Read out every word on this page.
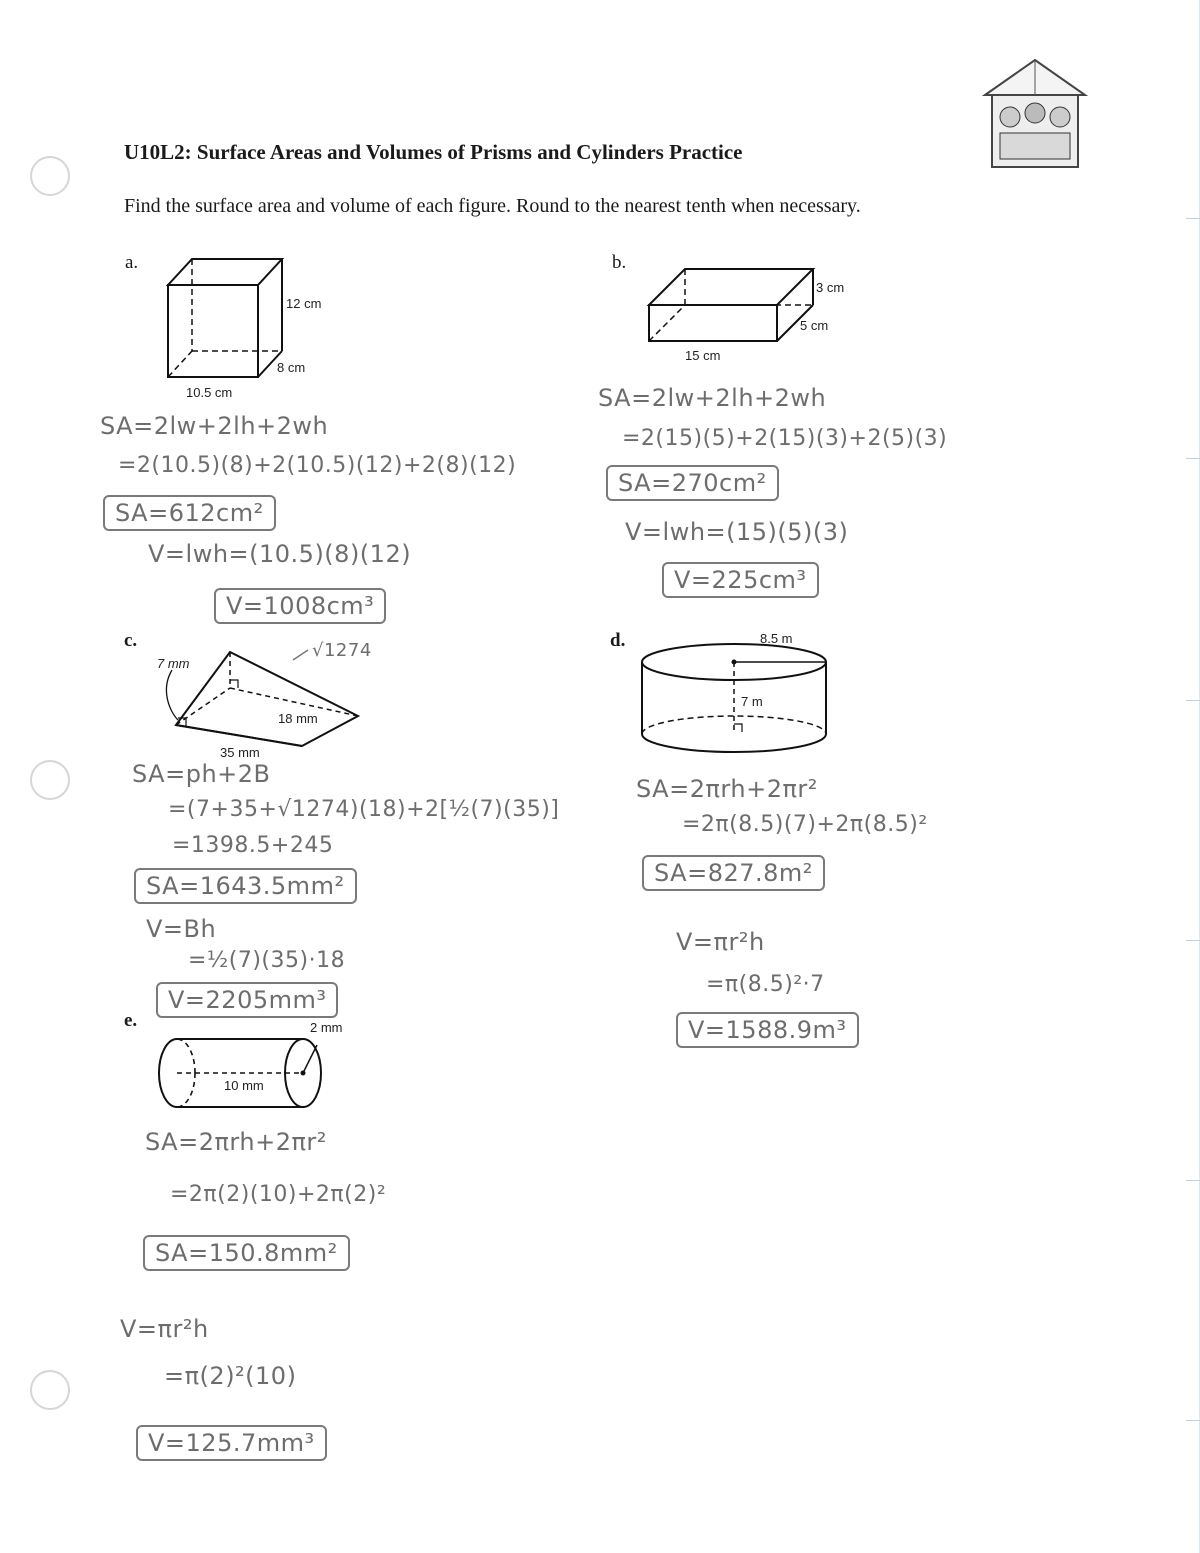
U10L2: Surface Areas and Volumes of Prisms and Cylinders Practice
Find the surface area and volume of each figure. Round to the nearest tenth when necessary.
a.
12 cm
8 cm
10.5 cm
SA=2lw+2lh+2wh
=2(10.5)(8)+2(10.5)(12)+2(8)(12)
SA=612cm²
V=lwh=(10.5)(8)(12)
V=1008cm³
b.
3 cm
5 cm
15 cm
SA=2lw+2lh+2wh
=2(15)(5)+2(15)(3)+2(5)(3)
SA=270cm²
V=lwh=(15)(5)(3)
V=225cm³
c.
7 mm
18 mm
35 mm
√1274
SA=ph+2B
=(7+35+√1274)(18)+2[½(7)(35)]
=1398.5+245
SA=1643.5mm²
V=Bh
=½(7)(35)·18
V=2205mm³
d.	8.5 m
7 m
SA=2πrh+2πr²
=2π(8.5)(7)+2π(8.5)²
SA=827.8m²
V=πr²h
=π(8.5)²·7
V=1588.9m³
e.	2 mm
10 mm
SA=2πrh+2πr²
=2π(2)(10)+2π(2)²
SA=150.8mm²
V=πr²h
=π(2)²(10)
V=125.7mm³
